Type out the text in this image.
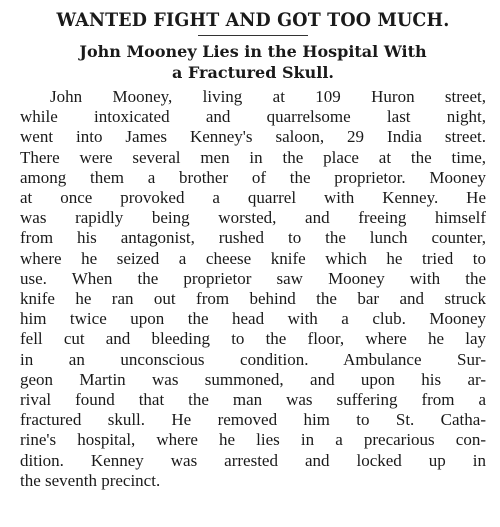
WANTED FIGHT AND GOT TOO MUCH.
John Mooney Lies in the Hospital With
a Fractured Skull.
John Mooney, living at 109 Huron street,
while intoxicated and quarrelsome last night,
went into James Kenney's saloon, 29 India street.
There were several men in the place at the time,
among them a brother of the proprietor. Mooney
at once provoked a quarrel with Kenney. He
was rapidly being worsted, and freeing himself
from his antagonist, rushed to the lunch counter,
where he seized a cheese knife which he tried to
use. When the proprietor saw Mooney with the
knife he ran out from behind the bar and struck
him twice upon the head with a club. Mooney
fell cut and bleeding to the floor, where he lay
in an unconscious condition. Ambulance Sur-
geon Martin was summoned, and upon his ar-
rival found that the man was suffering from a
fractured skull. He removed him to St. Catha-
rine's hospital, where he lies in a precarious con-
dition. Kenney was arrested and locked up in
the seventh precinct.
